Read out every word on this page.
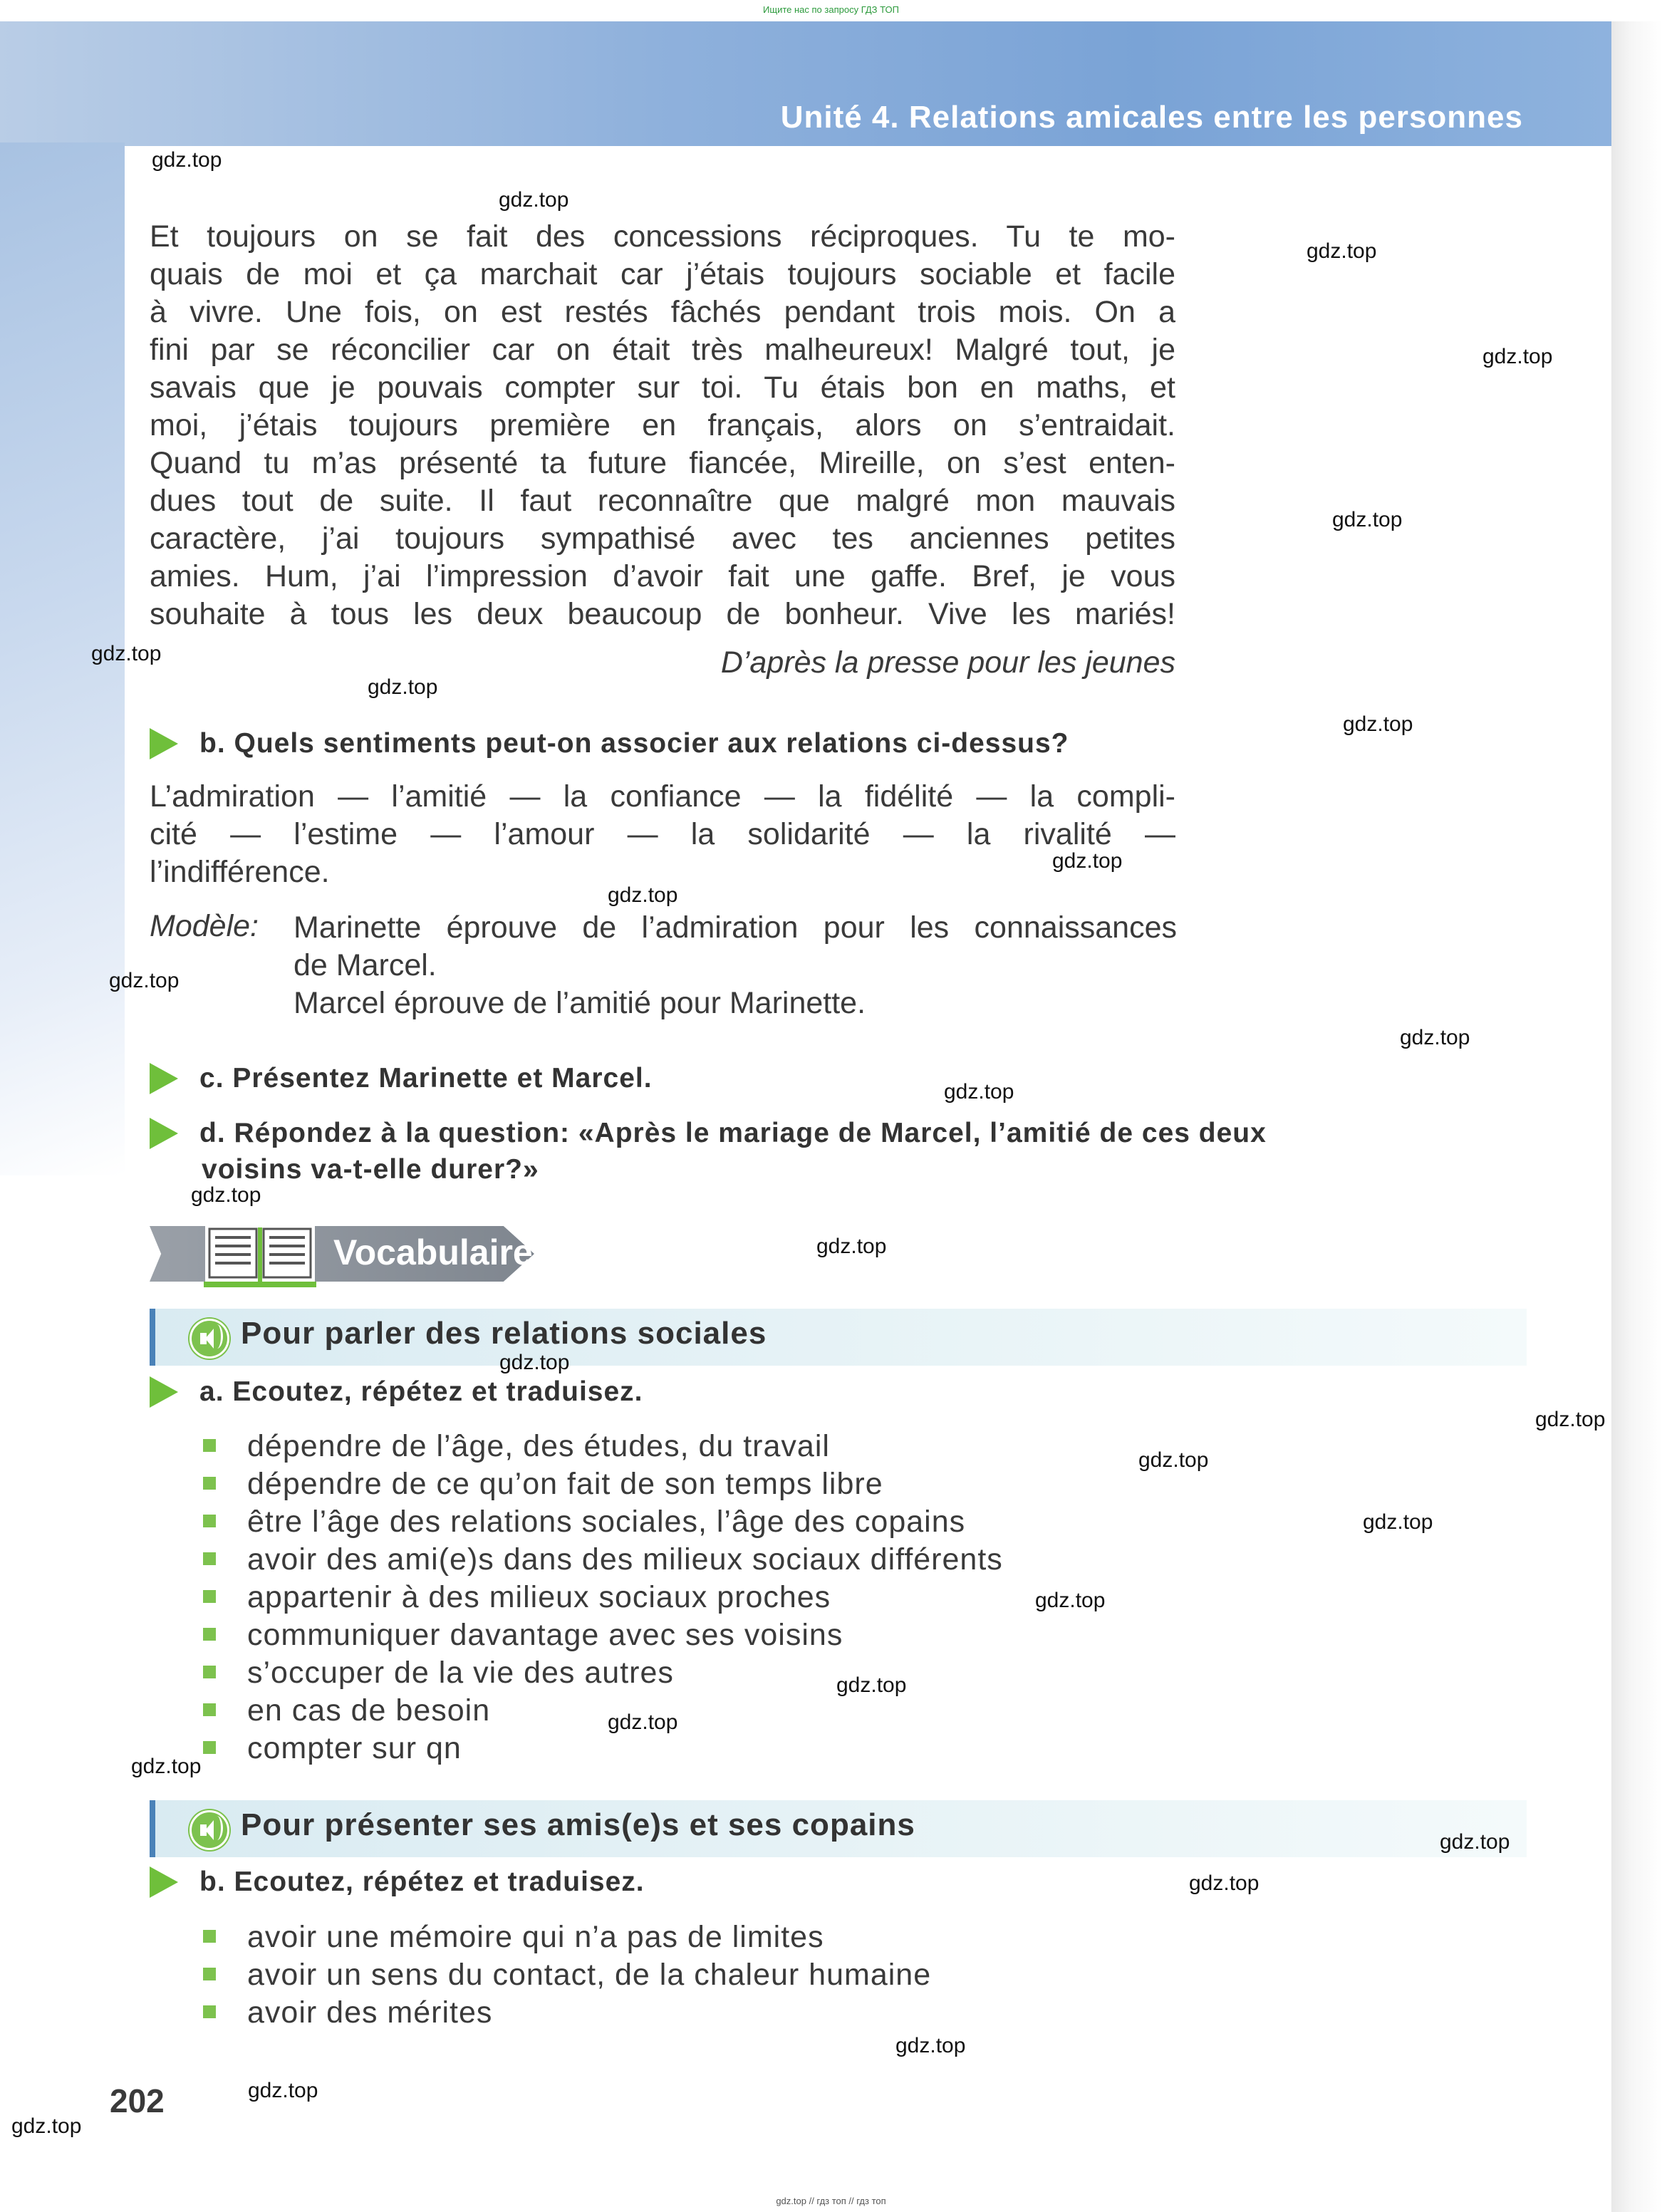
Ищите нас по запросу ГДЗ ТОП
Unité 4. Relations amicales entre les personnes
Et toujours on se fait des concessions réciproques. Tu te mo-
quais de moi et ça marchait car j’étais toujours sociable et facile
à vivre. Une fois, on est restés fâchés pendant trois mois. On a
fini par se réconcilier car on était très malheureux! Malgré tout, je
savais que je pouvais compter sur toi. Tu étais bon en maths, et
moi, j’étais toujours première en français, alors on s’entraidait.
Quand tu m’as présenté ta future fiancée, Mireille, on s’est enten-
dues tout de suite. Il faut reconnaître que malgré mon mauvais
caractère, j’ai toujours sympathisé avec tes anciennes petites
amies. Hum, j’ai l’impression d’avoir fait une gaffe. Bref, je vous
souhaite à tous les deux beaucoup de bonheur. Vive les mariés!
D’après la presse pour les jeunes
b. Quels sentiments peut-on associer aux relations ci-dessus?
L’admiration — l’amitié — la confiance — la fidélité — la compli-
cité — l’estime — l’amour — la solidarité — la rivalité —
l’indifférence.
Modèle: Marinette éprouve de l’admiration pour les connaissances
de Marcel.
Marcel éprouve de l’amitié pour Marinette.
c. Présentez Marinette et Marcel.
d. Répondez à la question: «Après le mariage de Marcel, l’amitié de ces deux
voisins va-t-elle durer?»
Vocabulaire
Pour parler des relations sociales
a. Ecoutez, répétez et traduisez.
dépendre de l’âge, des études, du travail
dépendre de ce qu’on fait de son temps libre
être l’âge des relations sociales, l’âge des copains
avoir des ami(e)s dans des milieux sociaux différents
appartenir à des milieux sociaux proches
communiquer davantage avec ses voisins
s’occuper de la vie des autres
en cas de besoin
compter sur qn
Pour présenter ses amis(e)s et ses copains
b. Ecoutez, répétez et traduisez.
avoir une mémoire qui n’a pas de limites
avoir un sens du contact, de la chaleur humaine
avoir des mérites
202
gdz.top // гдз топ // гдз топ
gdz.top
gdz.top
gdz.top
gdz.top
gdz.top
gdz.top
gdz.top
gdz.top
gdz.top
gdz.top
gdz.top
gdz.top
gdz.top
gdz.top
gdz.top
gdz.top
gdz.top
gdz.top
gdz.top
gdz.top
gdz.top
gdz.top
gdz.top
gdz.top
gdz.top
gdz.top
gdz.top
gdz.top
